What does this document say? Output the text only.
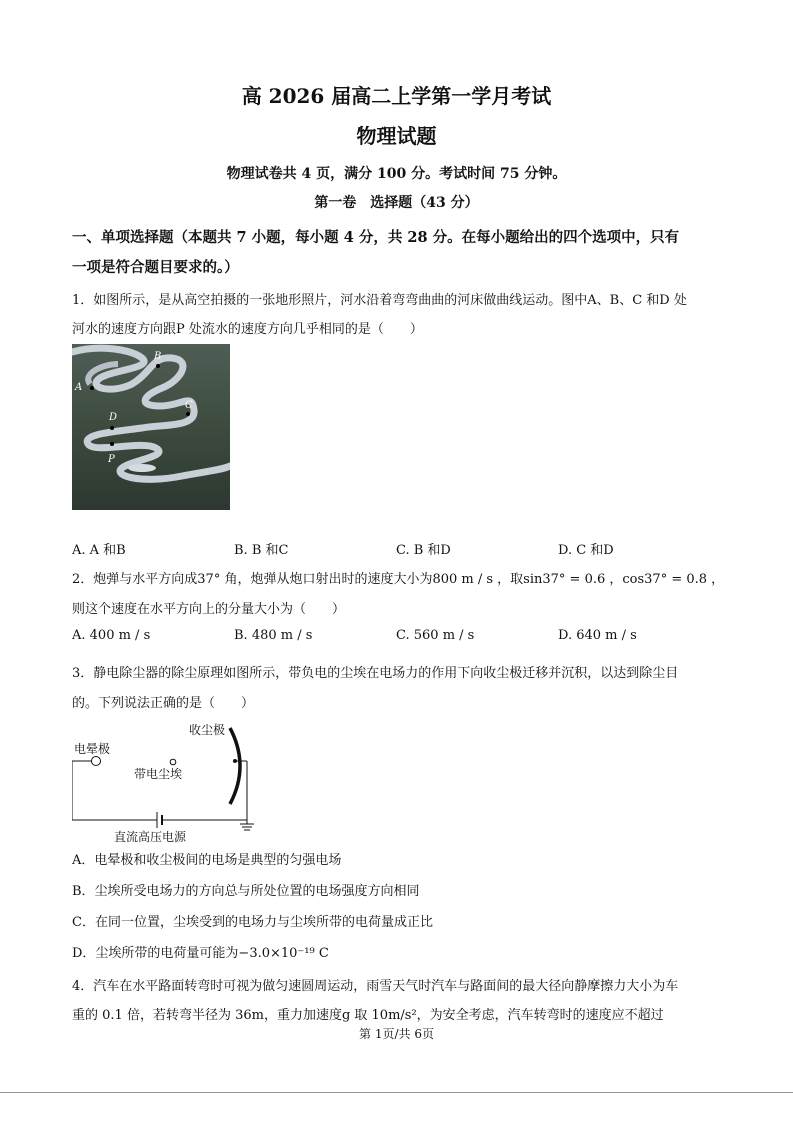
高 2026 届高二上学第一学月考试
物理试题
物理试卷共 4 页，满分 100 分。考试时间 75 分钟。
第一卷　选择题（43 分）
一、单项选择题（本题共 7 小题，每小题 4 分，共 28 分。在每小题给出的四个选项中，只有
一项是符合题目要求的。）
1．如图所示，是从高空拍摄的一张地形照片，河水沿着弯弯曲曲的河床做曲线运动。图中A、B、C 和D 处
河水的速度方向跟P 处流水的速度方向几乎相同的是（　　）
B
A
C
D
P
A. A 和B	B. B 和C	C. B 和D	D. C 和D
2．炮弹与水平方向成37° 角，炮弹从炮口射出时的速度大小为800 m / s ，取sin37° = 0.6 ，cos37° = 0.8 ，
则这个速度在水平方向上的分量大小为（　　）
A. 400 m / s	B. 480 m / s	C. 560 m / s	D. 640 m / s
3．静电除尘器的除尘原理如图所示，带负电的尘埃在电场力的作用下向收尘极迁移并沉积，以达到除尘目
的。下列说法正确的是（　　）
收尘极
电晕极
带电尘埃
直流高压电源
A．电晕极和收尘极间的电场是典型的匀强电场
B．尘埃所受电场力的方向总与所处位置的电场强度方向相同
C．在同一位置，尘埃受到的电场力与尘埃所带的电荷量成正比
D．尘埃所带的电荷量可能为−3.0×10⁻¹⁹ C
4．汽车在水平路面转弯时可视为做匀速圆周运动，雨雪天气时汽车与路面间的最大径向静摩擦力大小为车
重的 0.1 倍，若转弯半径为 36m，重力加速度g 取 10m/s²，为安全考虑，汽车转弯时的速度应不超过
第 1页/共 6页
